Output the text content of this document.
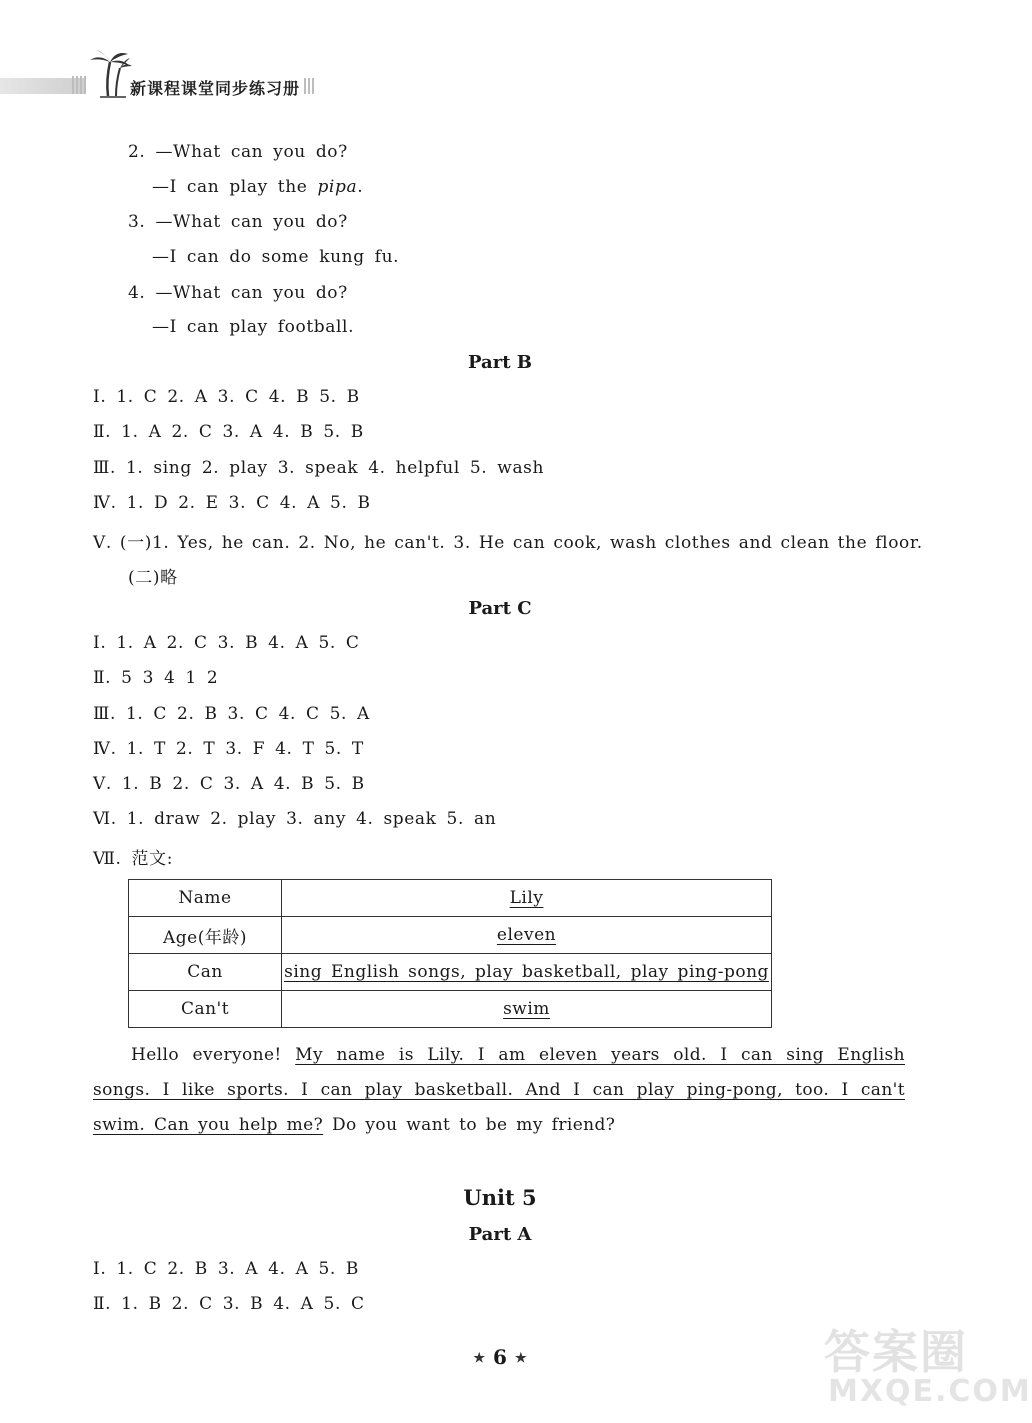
新课程课堂同步练习册
2. —What can you do?
—I can play the pipa.
3. —What can you do?
—I can do some kung fu.
4. —What can you do?
—I can play football.
Part B
Ⅰ. 1. C 2. A 3. C 4. B 5. B
Ⅱ. 1. A 2. C 3. A 4. B 5. B
Ⅲ. 1. sing 2. play 3. speak 4. helpful 5. wash
Ⅳ. 1. D 2. E 3. C 4. A 5. B
Ⅴ. (一)1. Yes, he can. 2. No, he can't. 3. He can cook, wash clothes and clean the floor.
(二)略
Part C
Ⅰ. 1. A 2. C 3. B 4. A 5. C
Ⅱ. 5 3 4 1 2
Ⅲ. 1. C 2. B 3. C 4. C 5. A
Ⅳ. 1. T 2. T 3. F 4. T 5. T
Ⅴ. 1. B 2. C 3. A 4. B 5. B
Ⅵ. 1. draw 2. play 3. any 4. speak 5. an
Ⅶ. 范文:
Name	Lily
Age(年龄)	eleven
Can	sing English songs, play basketball, play ping-pong
Can't	swim
Hello everyone! My name is Lily. I am eleven years old. I can sing English songs. I like sports. I can play basketball. And I can play ping-pong, too. I can't swim. Can you help me? Do you want to be my friend?
Unit 5
Part A
Ⅰ. 1. C 2. B 3. A 4. A 5. B
Ⅱ. 1. B 2. C 3. B 4. A 5. C
★ 6 ★	答案圈
MXQE.COM
